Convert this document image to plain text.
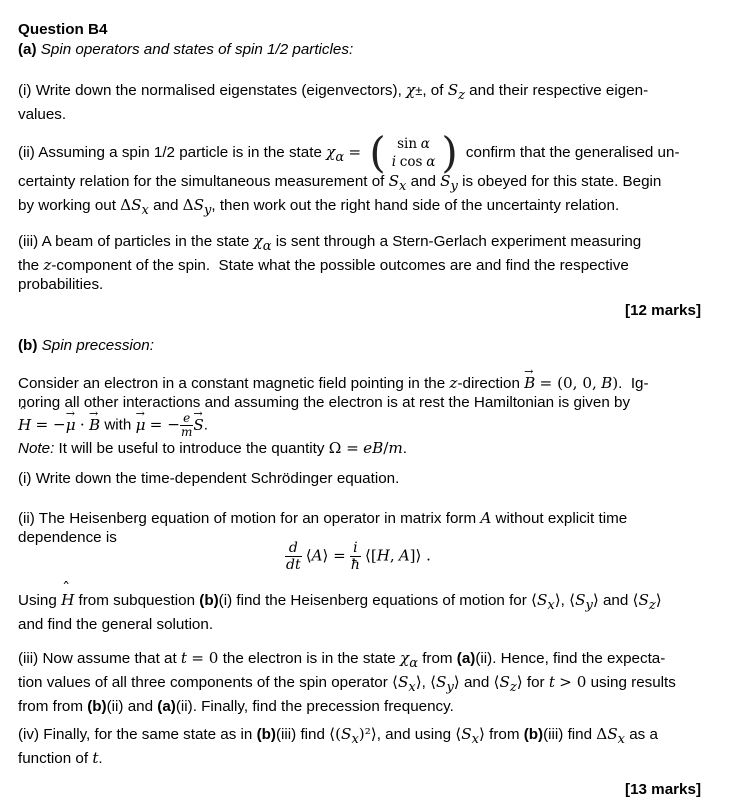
Question B4
(a) Spin operators and states of spin 1/2 particles:
(i) Write down the normalised eigenstates (eigenvectors), χ±, of $S_z$ and their respective eigen-
values.
(ii) Assuming a spin 1/2 particle is in the state $\chi_\alpha$ = ( sin α
i cos α ) confirm that the generalised un-
certainty relation for the simultaneous measurement of $S_x$ and $S_y$ is obeyed for this state. Begin
by working out $\Delta S_x$ and $\Delta S_y$, then work out the right hand side of the uncertainty relation.
(iii) A beam of particles in the state $\chi_\alpha$ is sent through a Stern-Gerlach experiment measuring
the z-component of the spin.  State what the possible outcomes are and find the respective
probabilities.
[12 marks]
(b) Spin precession:
Consider an electron in a constant magnetic field pointing in the z-direction → B = (0, 0, B).  Ig-
noring all other interactions and assuming the electron is at rest the Hamiltonian is given by
ˆ H = −→ μ · → B with → μ = − $\frac{e}{m}$
→ S.
Note: It will be useful to introduce the quantity Ω = eB/m.
(i) Write down the time-dependent Schrödinger equation.
(ii) The Heisenberg equation of motion for an operator in matrix form A without explicit time
dependence is
$\frac{d}{dt}$ ⟨A⟩ = $\frac{i}{ħ}$ ⟨[H, A]⟩ .
Using ˆ H from subquestion (b)(i) find the Heisenberg equations of motion for $⟨S_x⟩$, $⟨S_y⟩$ and $⟨S_z⟩$
and find the general solution.
(iii) Now assume that at t = 0 the electron is in the state $\chi_\alpha$ from (a)(ii). Hence, find the expecta-
tion values of all three components of the spin operator $⟨S_x⟩$, $⟨S_y⟩$ and $⟨S_z⟩$ for t > 0 using results
from from (b)(ii) and (a)(ii). Finally, find the precession frequency.
(iv) Finally, for the same state as in (b)(iii) find $⟨(S_x)^2⟩$, and using $⟨S_x⟩$ from (b)(iii) find $\Delta S_x$ as a
function of t.
[13 marks]
